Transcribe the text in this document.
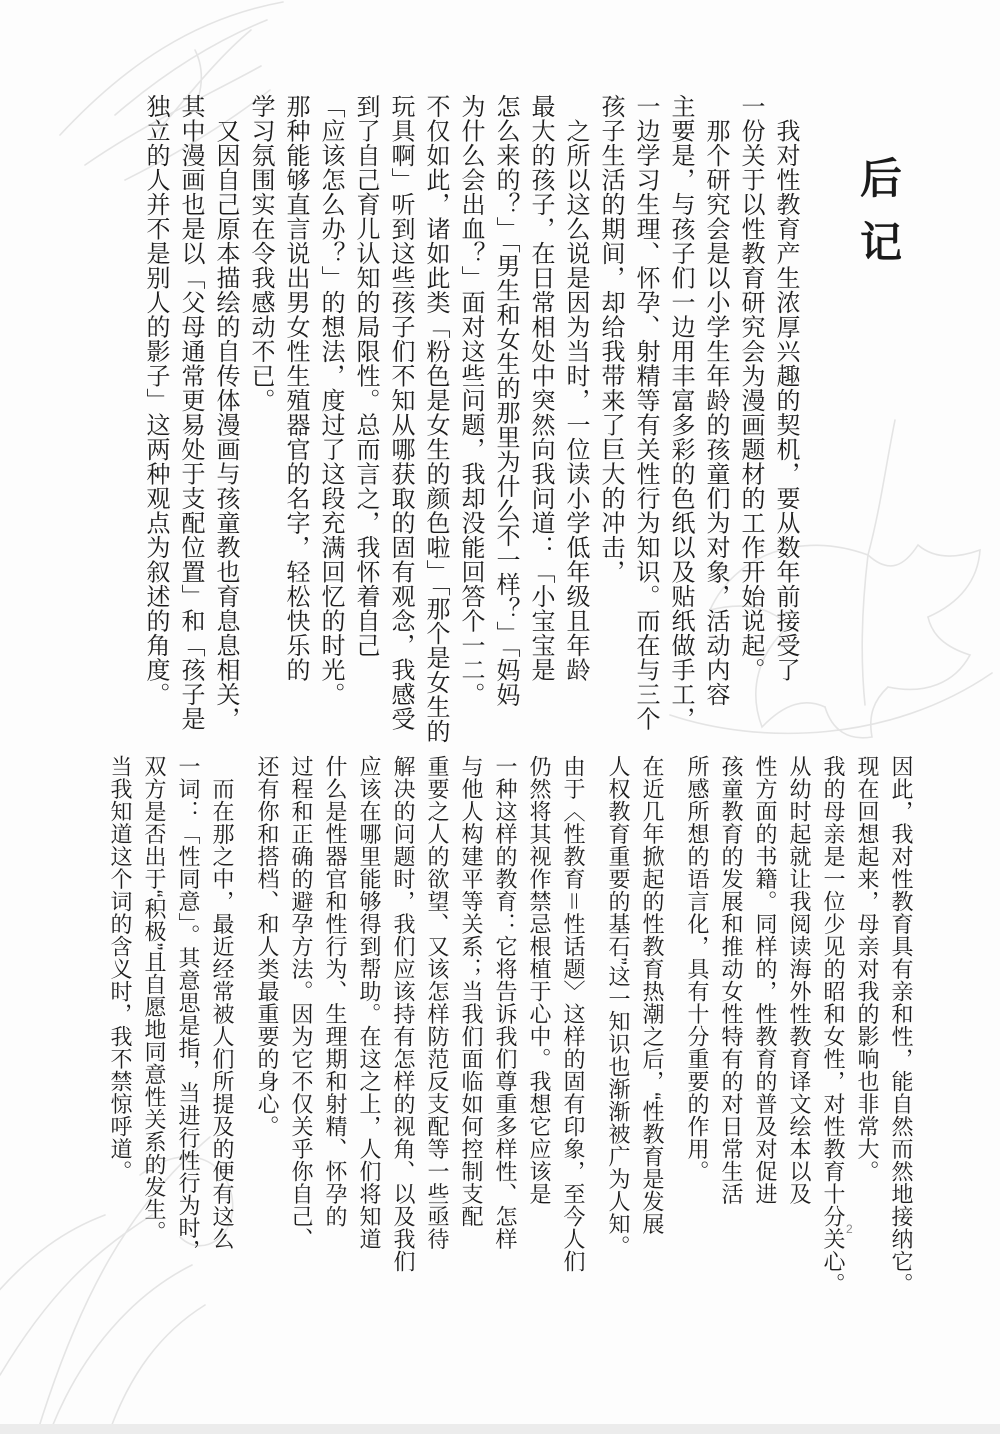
后记
　我对性教育产生浓厚兴趣的契机，要从数年前接受了
一份关于以性教育研究会为漫画题材的工作开始说起。
　那个研究会是以小学生年龄的孩童们为对象，活动内容
主要是，与孩子们一边用丰富多彩的色纸以及贴纸做手工，
一边学习生理、怀孕、射精等有关性行为知识。而在与三个
孩子生活的期间，却给我带来了巨大的冲击，
　之所以这么说是因为当时，一位读小学低年级且年龄
最大的孩子，在日常相处中突然向我问道：「小宝宝是
怎么来的？」「男生和女生的那里为什么不一样？」「妈妈
为什么会出血？」面对这些问题，我却没能回答个一二。
不仅如此，诸如此类「粉色是女生的颜色啦」「那个是女生的
玩具啊」听到这些孩子们不知从哪获取的固有观念，我感受
到了自己育儿认知的局限性。总而言之，我怀着自己
「应该怎么办？」的想法，度过了这段充满回忆的时光。
那种能够直言说出男女性生殖器官的名字，轻松快乐的
学习氛围实在令我感动不已。
　又因自己原本描绘的自传体漫画与孩童教也育息息相关，
其中漫画也是以「父母通常更易处于支配位置」和「孩子是
独立的人并不是别人的影子」这两种观点为叙述的角度。
因此，我对性教育具有亲和性，能自然而然地接纳它。
现在回想起来，母亲对我的影响也非常大。
我的母亲是一位少见的昭和女性，对性教育十分关心。
从幼时起就让我阅读海外性教育译文绘本以及
性方面的书籍。同样的，性教育的普及对促进
孩童教育的发展和推动女性特有的对日常生活
所感所想的语言化，具有十分重要的作用。
在近几年掀起的性教育热潮之后，“性教育是发展
人权教育重要的基石”这一知识也渐渐被广为人知。
由于〈性教育＝性话题〉这样的固有印象，至今人们
仍然将其视作禁忌根植于心中。我想它应该是
一种这样的教育：它将告诉我们尊重多样性、怎样
与他人构建平等关系；当我们面临如何控制支配
重要之人的欲望、又该怎样防范反支配等一些亟待
解决的问题时，我们应该持有怎样的视角、以及我们
应该在哪里能够得到帮助。在这之上，人们将知道
什么是性器官和性行为、生理期和射精、怀孕的
过程和正确的避孕方法。因为它不仅关乎你自己、
还有你和搭档、和人类最重要的身心。
　而在那之中，最近经常被人们所提及的便有这么
一词：「性同意」。其意思是指，当进行性行为时，
双方是否出于“积极”且自愿地同意性关系的发生。
当我知道这个词的含义时，我不禁惊呼道。
2
